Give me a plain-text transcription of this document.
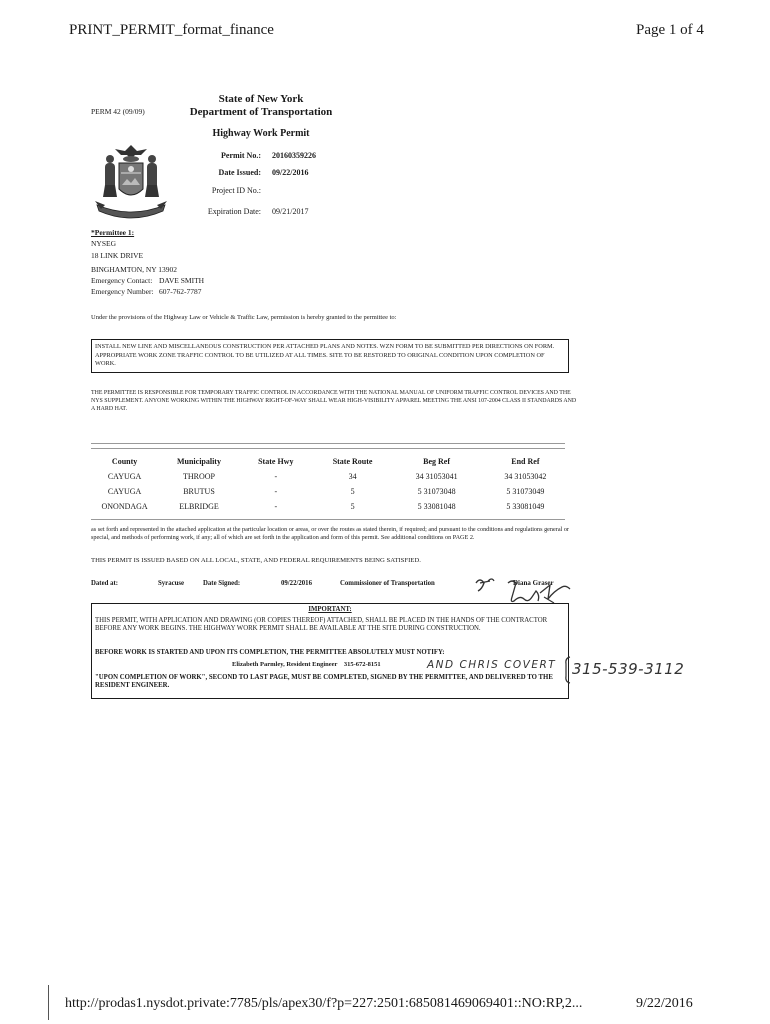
PRINT_PERMIT_format_finance	Page 1 of 4
PERM 42 (09/09)
State of New York
Department of Transportation
Highway Work Permit
Permit No.: 20160359226
Date Issued: 09/22/2016
Project ID No.:
Expiration Date: 09/21/2017
*Permittee 1:
NYSEG
18 LINK DRIVE
BINGHAMTON, NY 13902
Emergency Contact: DAVE SMITH
Emergency Number: 607-762-7787
Under the provisions of the Highway Law or Vehicle & Traffic Law, permission is hereby granted to the permittee to:
INSTALL NEW LINE AND MISCELLANEOUS CONSTRUCTION PER ATTACHED PLANS AND NOTES. WZN FORM TO BE SUBMITTED PER DIRECTIONS ON FORM. APPROPRIATE WORK ZONE TRAFFIC CONTROL TO BE UTILIZED AT ALL TIMES. SITE TO BE RESTORED TO ORIGINAL CONDITION UPON COMPLETION OF WORK.
THE PERMITTEE IS RESPONSIBLE FOR TEMPORARY TRAFFIC CONTROL IN ACCORDANCE WITH THE NATIONAL MANUAL OF UNIFORM TRAFFIC CONTROL DEVICES AND THE NYS SUPPLEMENT. ANYONE WORKING WITHIN THE HIGHWAY RIGHT-OF-WAY SHALL WEAR HIGH-VISIBILITY APPAREL MEETING THE ANSI 107-2004 CLASS II STANDARDS AND A HARD HAT.
County	Municipality	State Hwy	State Route	Beg Ref	End Ref
CAYUGA	THROOP	-	34	34 31053041	34 31053042
CAYUGA	BRUTUS	-	5	5 31073048	5 31073049
ONONDAGA	ELBRIDGE	-	5	5 33081048	5 33081049
as set forth and represented in the attached application at the particular location or areas, or over the routes as stated therein, if required; and pursuant to the conditions and regulations general or special, and methods of performing work, if any; all of which are set forth in the application and form of this permit. See additional conditions on PAGE 2.
THIS PERMIT IS ISSUED BASED ON ALL LOCAL, STATE, AND FEDERAL REQUIREMENTS BEING SATISFIED.
Dated at:	Syracuse	Date Signed:	09/22/2016	Commissioner of Transportation	Diana Graser
IMPORTANT:
THIS PERMIT, WITH APPLICATION AND DRAWING (OR COPIES THEREOF) ATTACHED, SHALL BE PLACED IN THE HANDS OF THE CONTRACTOR BEFORE ANY WORK BEGINS. THE HIGHWAY WORK PERMIT SHALL BE AVAILABLE AT THE SITE DURING CONSTRUCTION.
BEFORE WORK IS STARTED AND UPON ITS COMPLETION, THE PERMITTEE ABSOLUTELY MUST NOTIFY:
Elizabeth Parmley, Resident Engineer 315-672-8151
"UPON COMPLETION OF WORK", SECOND TO LAST PAGE, MUST BE COMPLETED, SIGNED BY THE PERMITTEE, AND DELIVERED TO THE RESIDENT ENGINEER.
AND CHRIS COVERT 315-539-3112
http://prodas1.nysdot.private:7785/pls/apex30/f?p=227:2501:685081469069401::NO:RP,2...	9/22/2016
